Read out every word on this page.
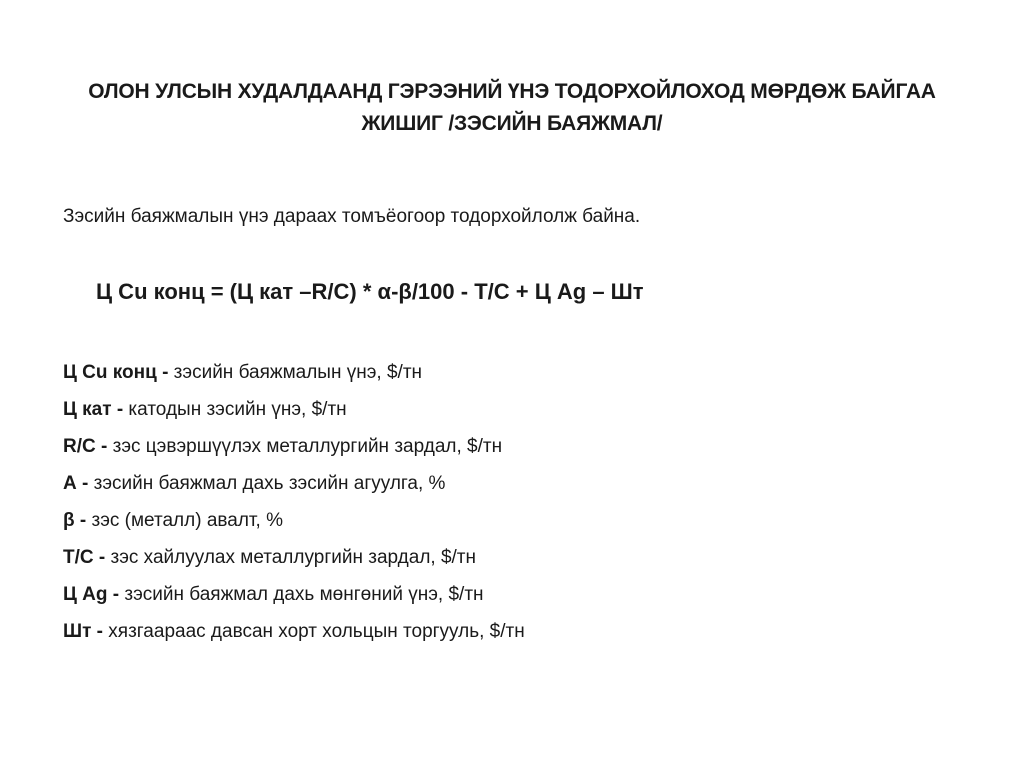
ОЛОН УЛСЫН ХУДАЛДААНД ГЭРЭЭНИЙ ҮНЭ ТОДОРХОЙЛОХОД МӨРДӨЖ БАЙГАА
ЖИШИГ /ЗЭСИЙН БАЯЖМАЛ/
Зэсийн баяжмалын үнэ дараах томъёогоор тодорхойлолж байна.
Ц Cu конц = (Ц кат –R/C) * α-β/100 - T/C + Ц Ag – Шт
Ц Cu конц - зэсийн баяжмалын үнэ, $/тн
Ц кат - катодын зэсийн үнэ, $/тн
R/C - зэс цэвэршүүлэх металлургийн зардал, $/тн
А - зэсийн баяжмал дахь зэсийн агуулга, %
β - зэс (металл) авалт, %
T/C - зэс хайлуулах металлургийн зардал, $/тн
Ц Ag - зэсийн баяжмал дахь мөнгөний үнэ, $/тн
Шт - хязгаараас давсан хорт хольцын торгууль, $/тн
